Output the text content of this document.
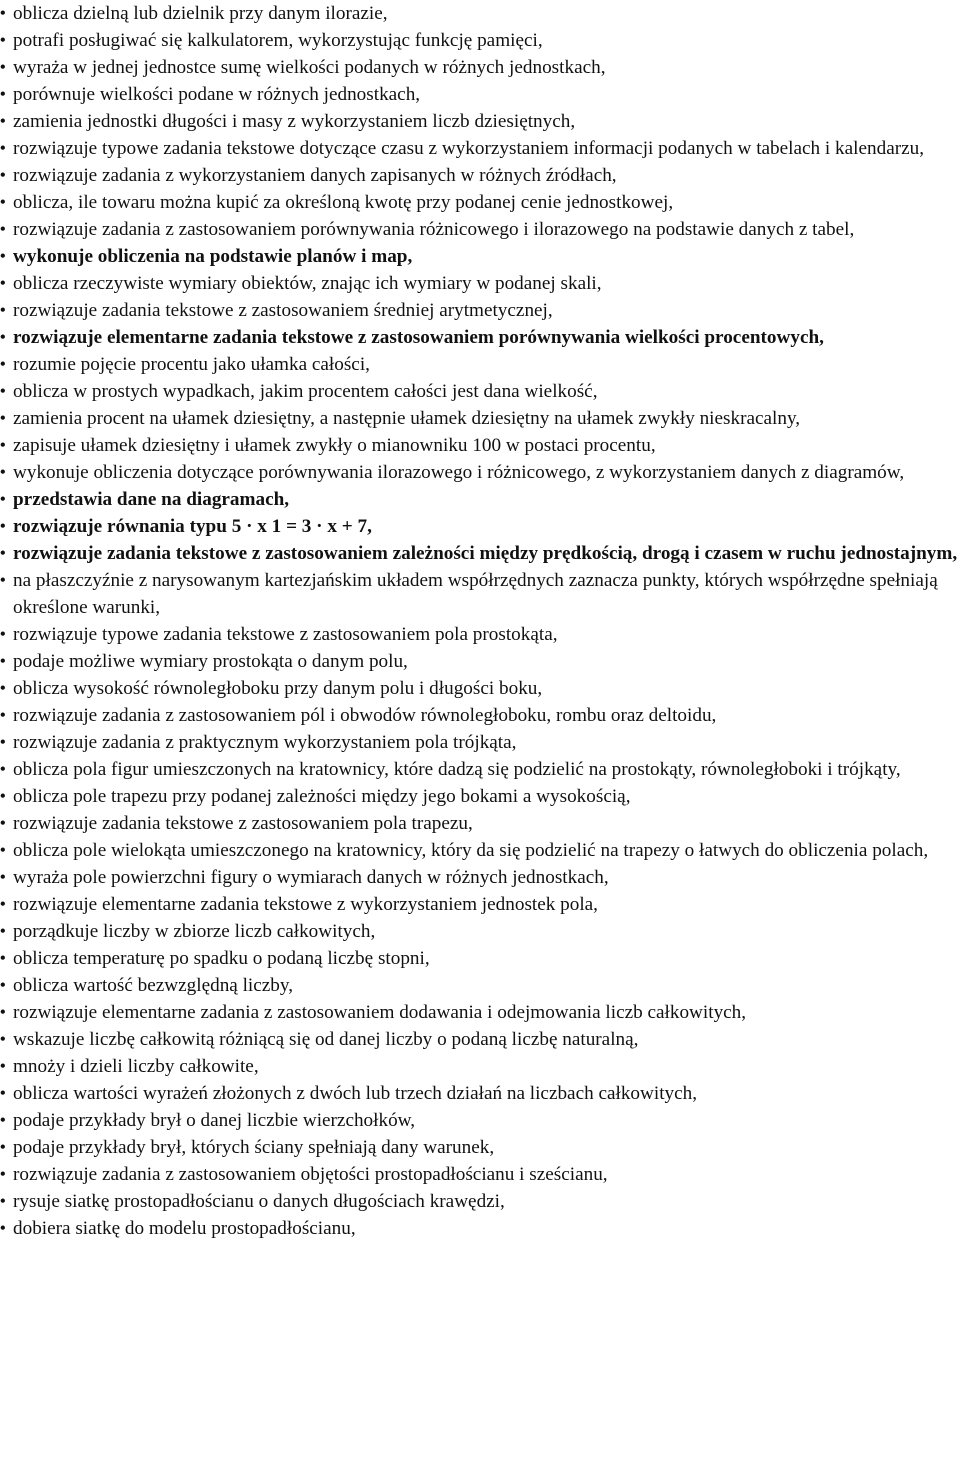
• oblicza dzielną lub dzielnik przy danym ilorazie,
• potrafi posługiwać się kalkulatorem, wykorzystując funkcję pamięci,
• wyraża w jednej jednostce sumę wielkości podanych w różnych jednostkach,
• porównuje wielkości podane w różnych jednostkach,
• zamienia jednostki długości i masy z wykorzystaniem liczb dziesiętnych,
• rozwiązuje typowe zadania tekstowe dotyczące czasu z wykorzystaniem informacji podanych w tabelach i kalendarzu,
• rozwiązuje zadania z wykorzystaniem danych zapisanych w różnych źródłach,
• oblicza, ile towaru można kupić za określoną kwotę przy podanej cenie jednostkowej,
• rozwiązuje zadania z zastosowaniem porównywania różnicowego i ilorazowego na podstawie danych z tabel,
• wykonuje obliczenia na podstawie planów i map,
• oblicza rzeczywiste wymiary obiektów, znając ich wymiary w podanej skali,
• rozwiązuje zadania tekstowe z zastosowaniem średniej arytmetycznej,
• rozwiązuje elementarne zadania tekstowe z zastosowaniem porównywania wielkości procentowych,
• rozumie pojęcie procentu jako ułamka całości,
• oblicza w prostych wypadkach, jakim procentem całości jest dana wielkość,
• zamienia procent na ułamek dziesiętny, a następnie ułamek dziesiętny na ułamek zwykły nieskracalny,
• zapisuje ułamek dziesiętny i ułamek zwykły o mianowniku 100 w postaci procentu,
• wykonuje obliczenia dotyczące porównywania ilorazowego i różnicowego, z wykorzystaniem danych z diagramów,
• przedstawia dane na diagramach,
• rozwiązuje równania typu 5 · x 1 = 3 · x + 7,
• rozwiązuje zadania tekstowe z zastosowaniem zależności między prędkością, drogą i czasem w ruchu jednostajnym,
• na płaszczyźnie z narysowanym kartezjańskim układem współrzędnych zaznacza punkty, których współrzędne spełniają określone warunki,
• rozwiązuje typowe zadania tekstowe z zastosowaniem pola prostokąta,
• podaje możliwe wymiary prostokąta o danym polu,
• oblicza wysokość równoległoboku przy danym polu i długości boku,
• rozwiązuje zadania z zastosowaniem pól i obwodów równoległoboku, rombu oraz deltoidu,
• rozwiązuje zadania z praktycznym wykorzystaniem pola trójkąta,
• oblicza pola figur umieszczonych na kratownicy, które dadzą się podzielić na prostokąty, równoległoboki i trójkąty,
• oblicza pole trapezu przy podanej zależności między jego bokami a wysokością,
• rozwiązuje zadania tekstowe z zastosowaniem pola trapezu,
• oblicza pole wielokąta umieszczonego na kratownicy, który da się podzielić na trapezy o łatwych do obliczenia polach,
• wyraża pole powierzchni figury o wymiarach danych w różnych jednostkach,
• rozwiązuje elementarne zadania tekstowe z wykorzystaniem jednostek pola,
• porządkuje liczby w zbiorze liczb całkowitych,
• oblicza temperaturę po spadku o podaną liczbę stopni,
• oblicza wartość bezwzględną liczby,
• rozwiązuje elementarne zadania z zastosowaniem dodawania i odejmowania liczb całkowitych,
• wskazuje liczbę całkowitą różniącą się od danej liczby o podaną liczbę naturalną,
• mnoży i dzieli liczby całkowite,
• oblicza wartości wyrażeń złożonych z dwóch lub trzech działań na liczbach całkowitych,
• podaje przykłady brył o danej liczbie wierzchołków,
• podaje przykłady brył, których ściany spełniają dany warunek,
• rozwiązuje zadania z zastosowaniem objętości prostopadłościanu i sześcianu,
• rysuje siatkę prostopadłościanu o danych długościach krawędzi,
• dobiera siatkę do modelu prostopadłościanu,
